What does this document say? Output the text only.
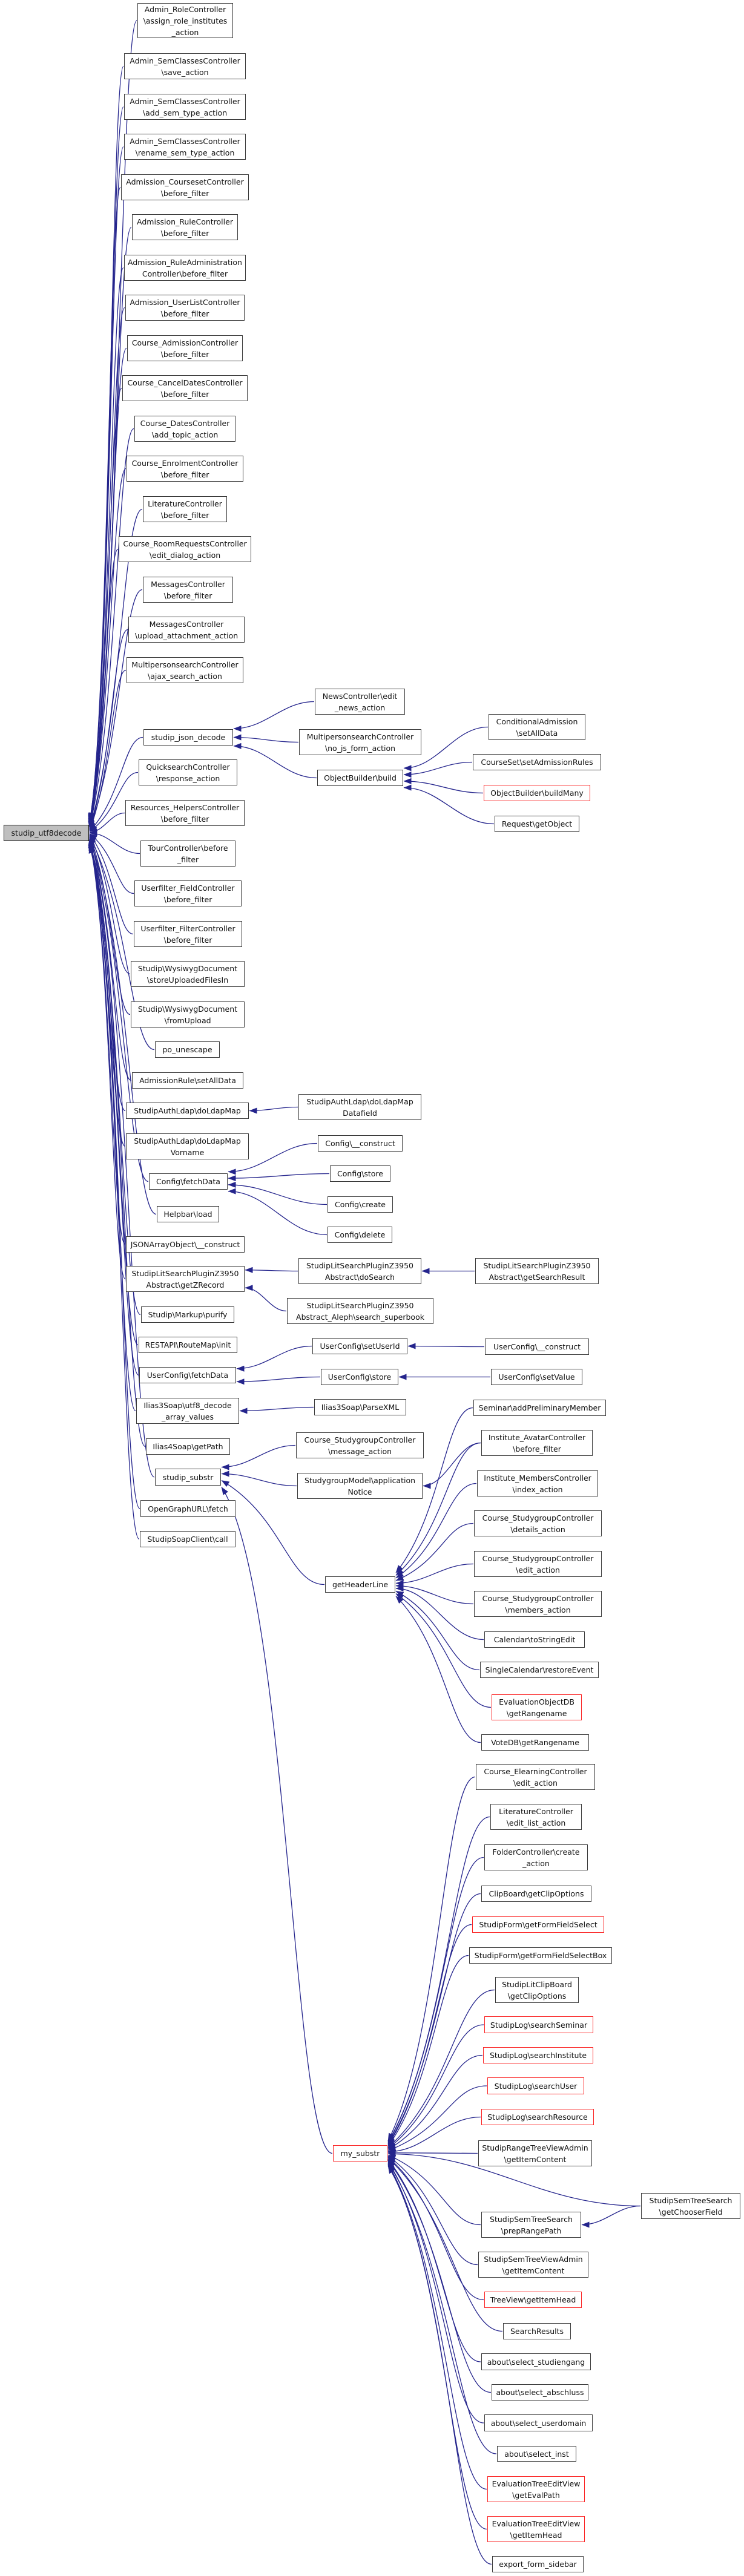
studip_utf8decode
Admin_RoleController
\assign_role_institutes
_action
Admin_SemClassesController
\save_action
Admin_SemClassesController
\add_sem_type_action
Admin_SemClassesController
\rename_sem_type_action
Admission_CoursesetController
\before_filter
Admission_RuleController
\before_filter
Admission_RuleAdministration
Controller\before_filter
Admission_UserListController
\before_filter
Course_AdmissionController
\before_filter
Course_CancelDatesController
\before_filter
Course_DatesController
\add_topic_action
Course_EnrolmentController
\before_filter
LiteratureController
\before_filter
Course_RoomRequestsController
\edit_dialog_action
MessagesController
\before_filter
MessagesController
\upload_attachment_action
MultipersonsearchController
\ajax_search_action
studip_json_decode
QuicksearchController
\response_action
Resources_HelpersController
\before_filter
TourController\before
_filter
Userfilter_FieldController
\before_filter
Userfilter_FilterController
\before_filter
Studip\WysiwygDocument
\storeUploadedFilesIn
Studip\WysiwygDocument
\fromUpload
po_unescape
AdmissionRule\setAllData
StudipAuthLdap\doLdapMap
StudipAuthLdap\doLdapMap
Vorname
Config\fetchData
Helpbar\load
JSONArrayObject\__construct
StudipLitSearchPluginZ3950
Abstract\getZRecord
Studip\Markup\purify
RESTAPI\RouteMap\init
UserConfig\fetchData
Ilias3Soap\utf8_decode
_array_values
Ilias4Soap\getPath
studip_substr
OpenGraphURL\fetch
StudipSoapClient\call
NewsController\edit
_news_action
MultipersonsearchController
\no_js_form_action
ObjectBuilder\build
StudipAuthLdap\doLdapMap
Datafield
Config\__construct
Config\store
Config\create
Config\delete
StudipLitSearchPluginZ3950
Abstract\doSearch
StudipLitSearchPluginZ3950
Abstract_Aleph\search_superbook
UserConfig\setUserId
UserConfig\store
Ilias3Soap\ParseXML
Course_StudygroupController
\message_action
StudygroupModel\application
Notice
getHeaderLine
my_substr
ConditionalAdmission
\setAllData
CourseSet\setAdmissionRules
ObjectBuilder\buildMany
Request\getObject
StudipLitSearchPluginZ3950
Abstract\getSearchResult
UserConfig\__construct
UserConfig\setValue
Seminar\addPreliminaryMember
Institute_AvatarController
\before_filter
Institute_MembersController
\index_action
Course_StudygroupController
\details_action
Course_StudygroupController
\edit_action
Course_StudygroupController
\members_action
Calendar\toStringEdit
SingleCalendar\restoreEvent
EvaluationObjectDB
\getRangename
VoteDB\getRangename
Course_ElearningController
\edit_action
LiteratureController
\edit_list_action
FolderController\create
_action
ClipBoard\getClipOptions
StudipForm\getFormFieldSelect
StudipForm\getFormFieldSelectBox
StudipLitClipBoard
\getClipOptions
StudipLog\searchSeminar
StudipLog\searchInstitute
StudipLog\searchUser
StudipLog\searchResource
StudipRangeTreeViewAdmin
\getItemContent
StudipSemTreeSearch
\prepRangePath
StudipSemTreeViewAdmin
\getItemContent
TreeView\getItemHead
SearchResults
about\select_studiengang
about\select_abschluss
about\select_userdomain
about\select_inst
EvaluationTreeEditView
\getEvalPath
EvaluationTreeEditView
\getItemHead
export_form_sidebar
StudipSemTreeSearch
\getChooserField
